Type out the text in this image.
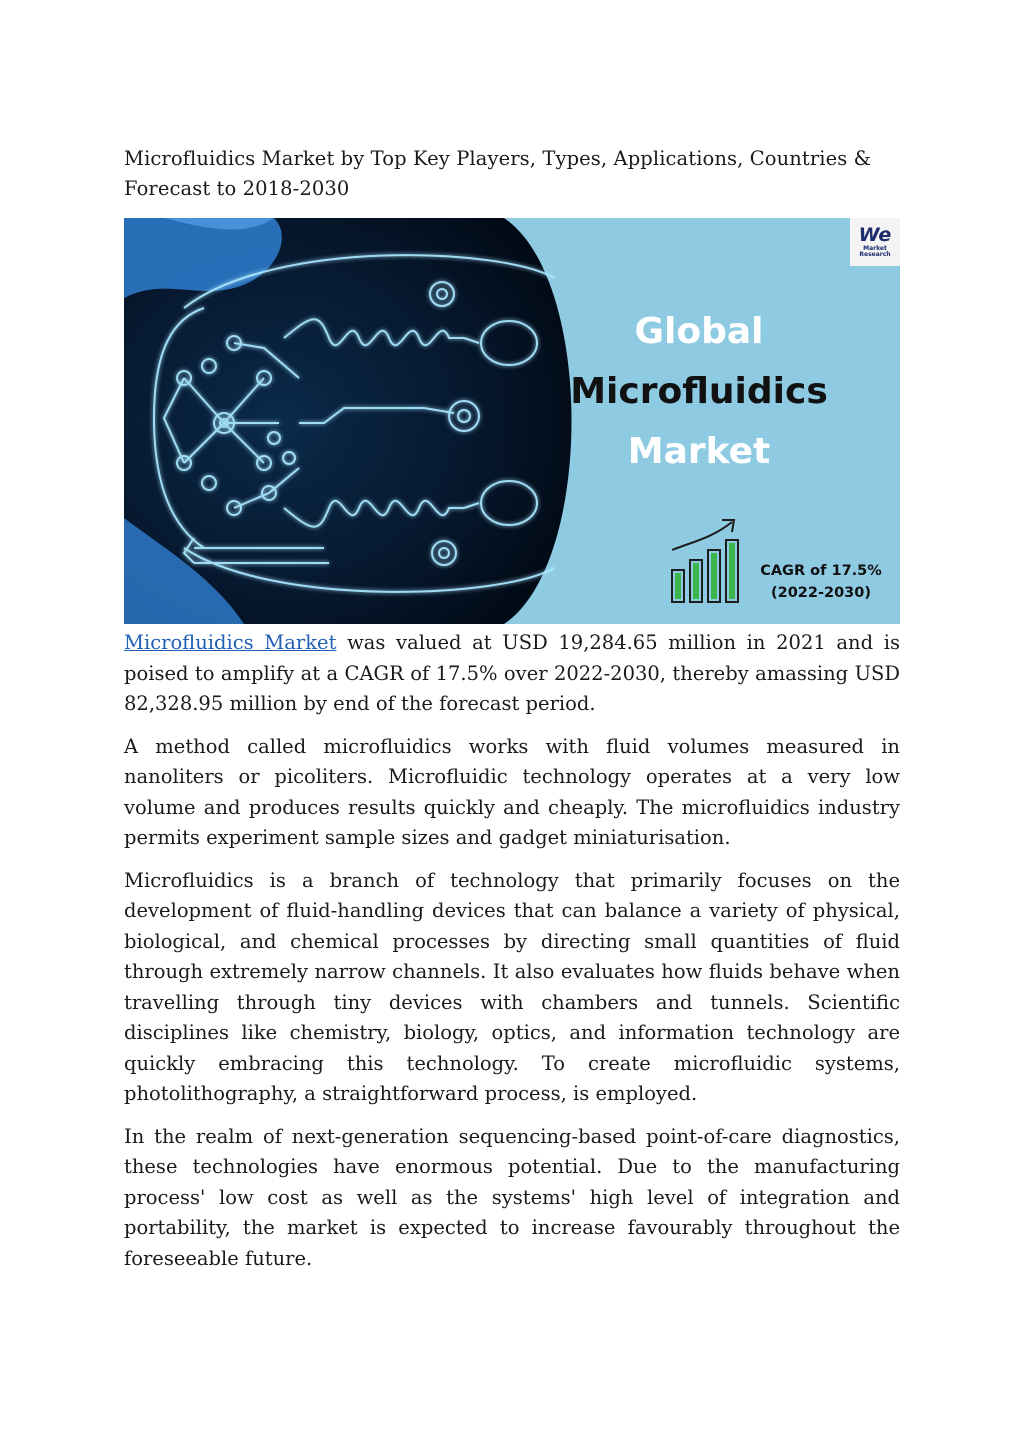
Microfluidics Market by Top Key Players, Types, Applications, Countries & Forecast to 2018-2030
We
Market Research
Global
Microfluidics
Market
CAGR of 17.5%
(2022-2030)

Microfluidics Market was valued at USD 19,284.65 million in 2021 and is poised to amplify at a CAGR of 17.5% over 2022-2030, thereby amassing USD 82,328.95 million by end of the forecast period.

A method called microfluidics works with fluid volumes measured in nanoliters or picoliters. Microfluidic technology operates at a very low volume and produces results quickly and cheaply. The microfluidics industry permits experiment sample sizes and gadget miniaturisation.

Microfluidics is a branch of technology that primarily focuses on the development of fluid-handling devices that can balance a variety of physical, biological, and chemical processes by directing small quantities of fluid through extremely narrow channels. It also evaluates how fluids behave when travelling through tiny devices with chambers and tunnels. Scientific disciplines like chemistry, biology, optics, and information technology are quickly embracing this technology. To create microfluidic systems, photolithography, a straightforward process, is employed.

In the realm of next-generation sequencing-based point-of-care diagnostics, these technologies have enormous potential. Due to the manufacturing process' low cost as well as the systems' high level of integration and portability, the market is expected to increase favourably throughout the foreseeable future.
